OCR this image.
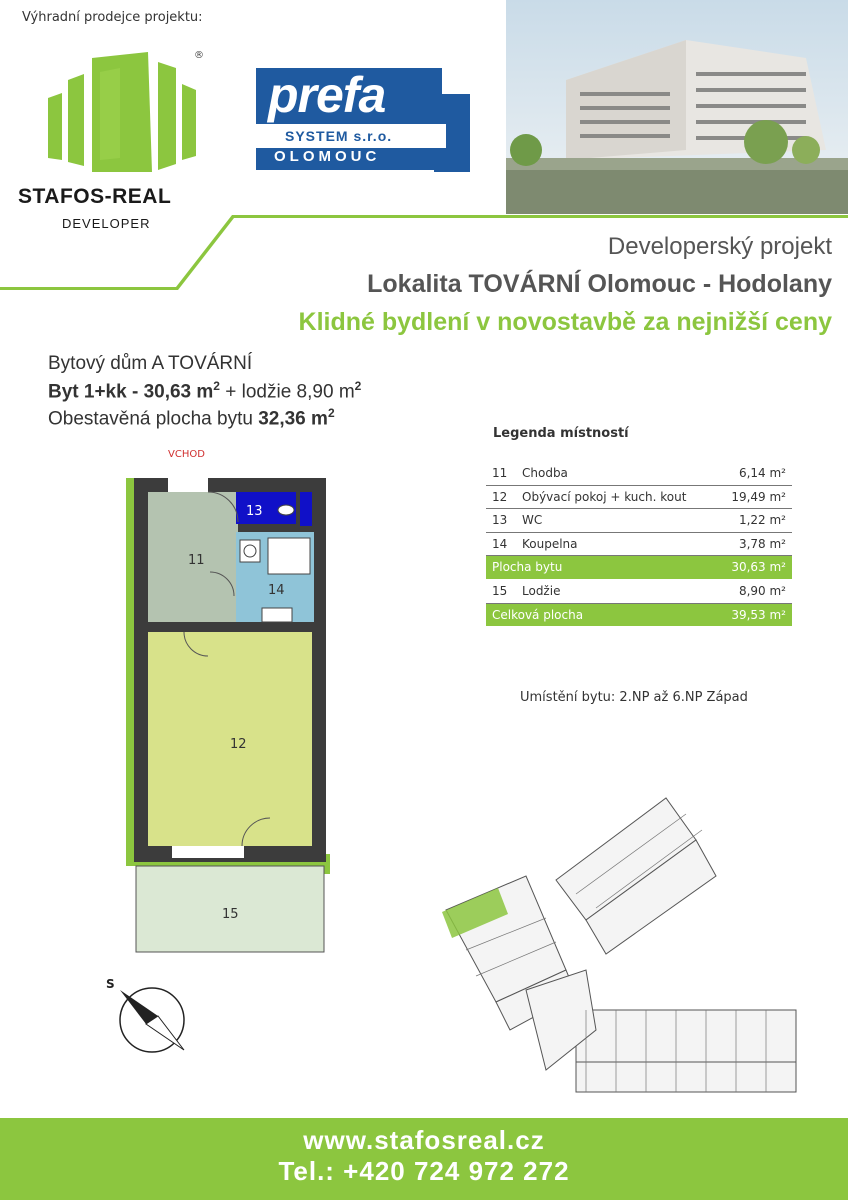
Výhradní prodejce projektu:
®
STAFOS-REAL
DEVELOPER
prefa
SYSTEM s.r.o.
OLOMOUC
Developerský projekt
Lokalita TOVÁRNÍ Olomouc - Hodolany
Klidné bydlení v novostavbě za nejnižší ceny
Bytový dům A TOVÁRNÍ
Byt 1+kk - 30,63 $m^2$ + lodžie 8,90 $m^2$
Obestavěná plocha bytu 32,36 $m^2$
VCHOD
11
12
13
14
15
S
Legenda místností
11 Chodba	6,14 m²
12 Obývací pokoj + kuch. kout	19,49 m²
13 WC	1,22 m²
14 Koupelna	3,78 m²
Plocha bytu	30,63 m²
15 Lodžie	8,90 m²
Celková plocha	39,53 m²
Umístění bytu: 2.NP až 6.NP Západ
www.stafosreal.cz
Tel.: +420 724 972 272
